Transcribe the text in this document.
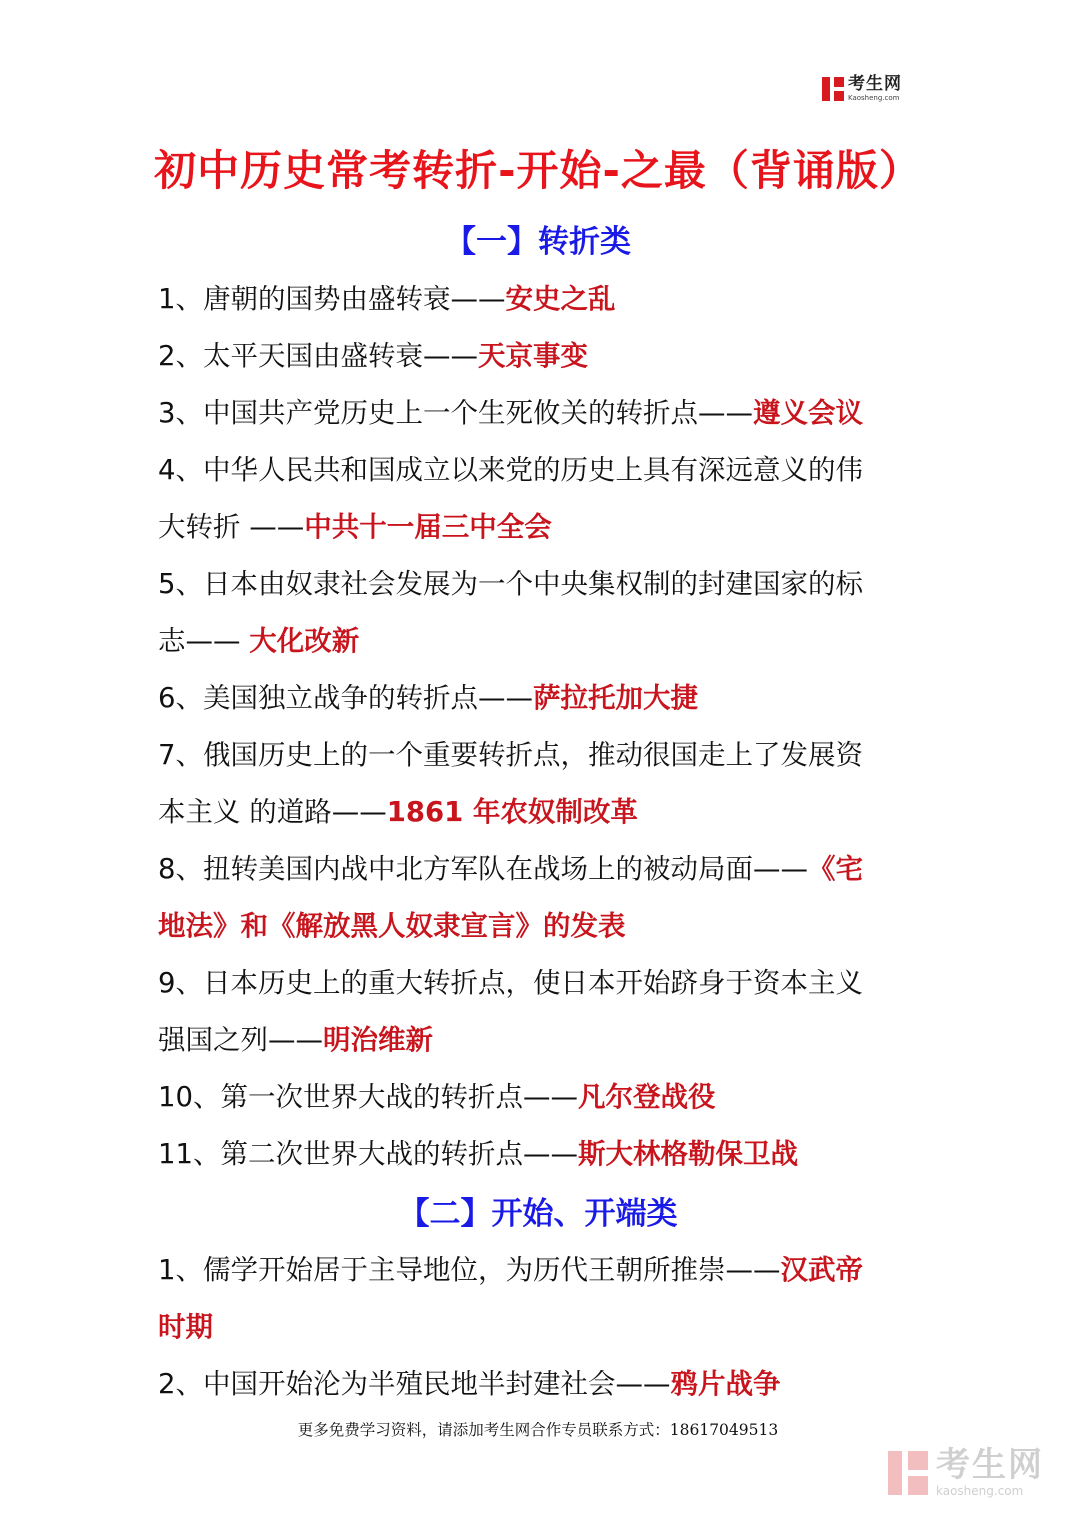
考生网
Kaosheng.com
初中历史常考转折-开始-之最（背诵版）
【一】转折类
1、唐朝的国势由盛转衰——安史之乱
2、太平天国由盛转衰——天京事变
3、中国共产党历史上一个生死攸关的转折点——遵义会议
4、中华人民共和国成立以来党的历史上具有深远意义的伟
大转折 ——中共十一届三中全会
5、日本由奴隶社会发展为一个中央集权制的封建国家的标
志—— 大化改新
6、美国独立战争的转折点——萨拉托加大捷
7、俄国历史上的一个重要转折点，推动很国走上了发展资
本主义 的道路——1861 年农奴制改革
8、扭转美国内战中北方军队在战场上的被动局面——《宅
地法》和《解放黑人奴隶宣言》的发表
9、日本历史上的重大转折点，使日本开始跻身于资本主义
强国之列——明治维新
10、第一次世界大战的转折点——凡尔登战役
11、第二次世界大战的转折点——斯大林格勒保卫战
【二】开始、开端类
1、儒学开始居于主导地位，为历代王朝所推崇——汉武帝
时期
2、中国开始沦为半殖民地半封建社会——鸦片战争
更多免费学习资料，请添加考生网合作专员联系方式：18617049513
考生网
kaosheng.com
